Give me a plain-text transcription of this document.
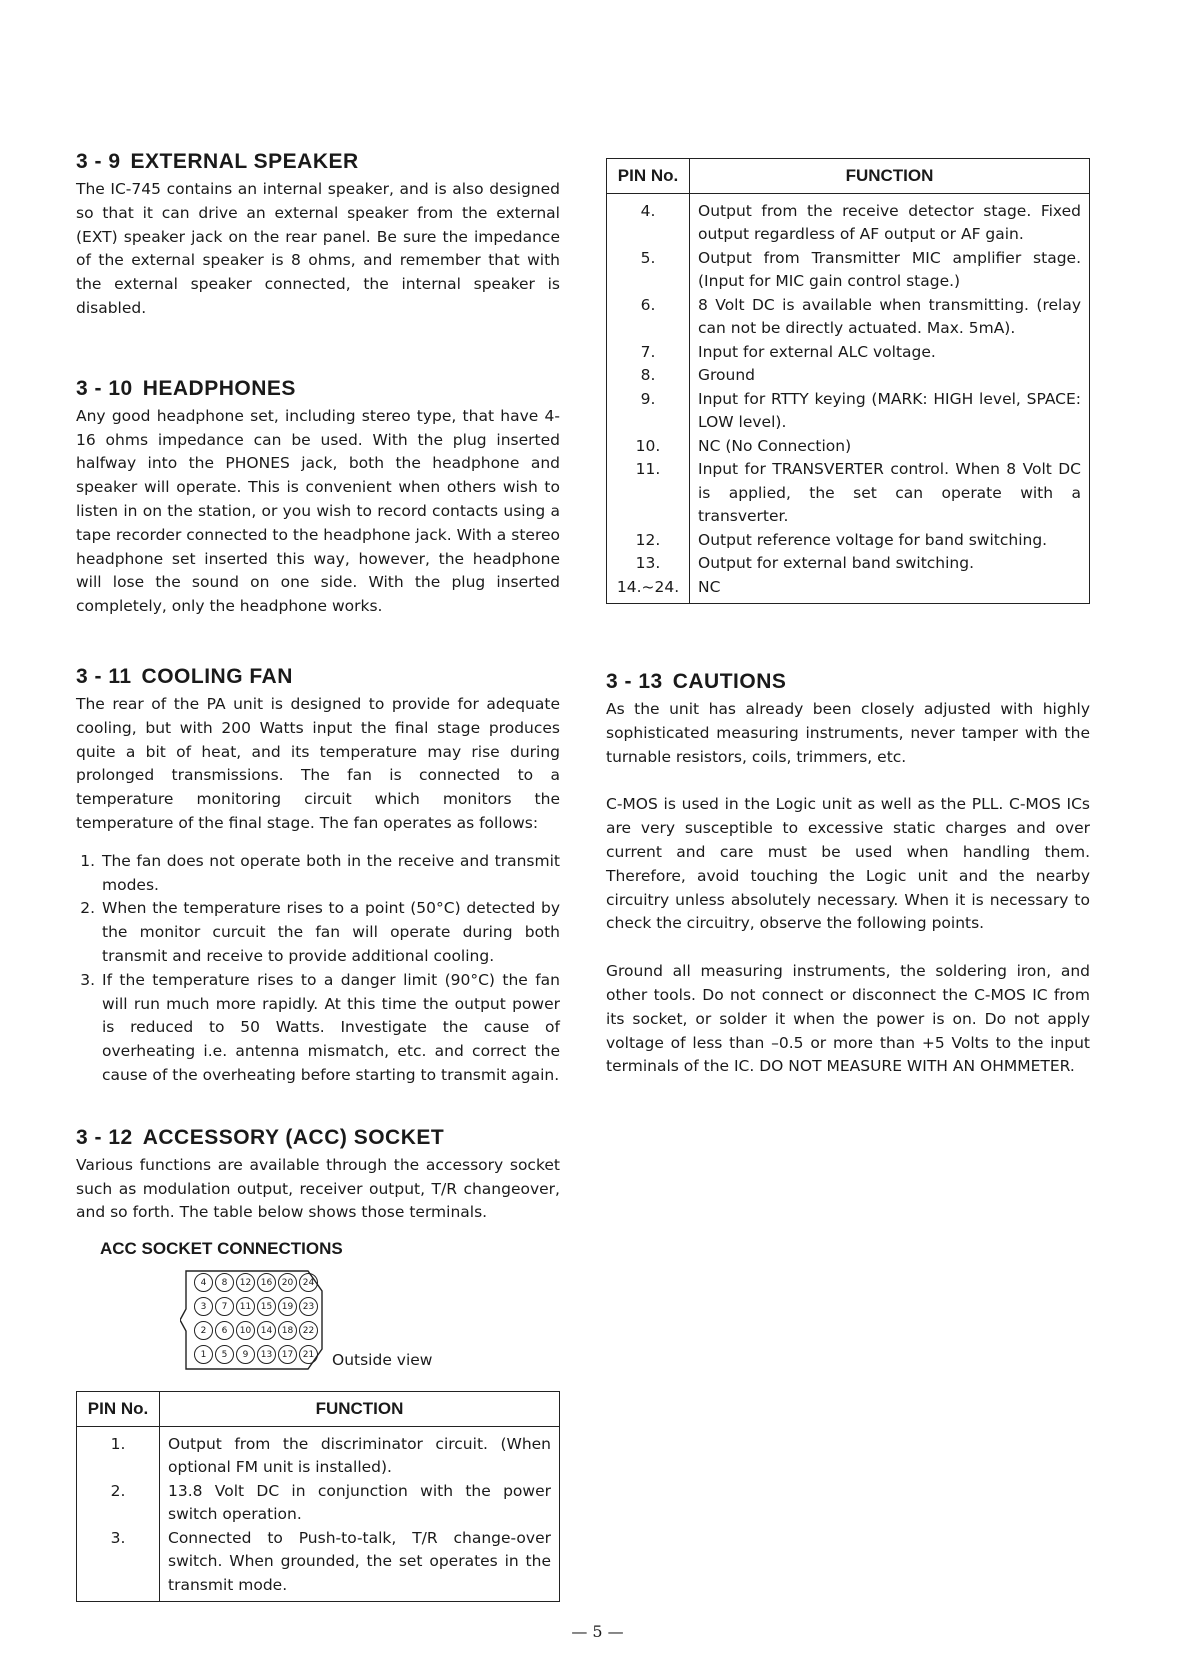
3 - 9 EXTERNAL SPEAKER

The IC-745 contains an internal speaker, and is also designed so that it can drive an external speaker from the external (EXT) speaker jack on the rear panel. Be sure the impedance of the external speaker is 8 ohms, and remember that with the external speaker connected, the internal speaker is disabled.

3 - 10 HEADPHONES

Any good headphone set, including stereo type, that have 4-16 ohms impedance can be used. With the plug inserted halfway into the PHONES jack, both the headphone and speaker will operate. This is convenient when others wish to listen in on the station, or you wish to record contacts using a tape recorder connected to the headphone jack. With a stereo headphone set inserted this way, however, the headphone will lose the sound on one side. With the plug inserted completely, only the headphone works.

3 - 11 COOLING FAN

The rear of the PA unit is designed to provide for adequate cooling, but with 200 Watts input the final stage produces quite a bit of heat, and its temperature may rise during prolonged transmissions. The fan is connected to a temperature monitoring circuit which monitors the temperature of the final stage. The fan operates as follows:

1. The fan does not operate both in the receive and transmit modes.
2. When the temperature rises to a point (50°C) detected by the monitor curcuit the fan will operate during both transmit and receive to provide additional cooling.
3. If the temperature rises to a danger limit (90°C) the fan will run much more rapidly. At this time the output power is reduced to 50 Watts. Investigate the cause of overheating i.e. antenna mismatch, etc. and correct the cause of the overheating before starting to transmit again.
3 - 12 ACCESSORY (ACC) SOCKET

Various functions are available through the accessory socket such as modulation output, receiver output, T/R changeover, and so forth. The table below shows those terminals.

ACC SOCKET CONNECTIONS
4	8	12	16	20	24
3	7	11	15	19	23
2	6	10	14	18	22
1	5	9	13	17	21 Outside view
PIN No.	FUNCTION
1.	Output from the discriminator circuit. (When optional FM unit is installed).
2.	13.8 Volt DC in conjunction with the power switch operation.
3.	Connected to Push-to-talk, T/R change-over switch. When grounded, the set operates in the transmit mode.
PIN No.	FUNCTION
4.	Output from the receive detector stage. Fixed output regardless of AF output or AF gain.
5.	Output from Transmitter MIC amplifier stage. (Input for MIC gain control stage.)
6.	8 Volt DC is available when transmitting. (relay can not be directly actuated. Max. 5mA).
7.	Input for external ALC voltage.
8.	Ground
9.	Input for RTTY keying (MARK: HIGH level, SPACE: LOW level).
10.	NC (No Connection)
11.	Input for TRANSVERTER control. When 8 Volt DC is applied, the set can operate with a transverter.
12.	Output reference voltage for band switching.
13.	Output for external band switching.
14.~24.	NC
3 - 13 CAUTIONS

As the unit has already been closely adjusted with highly sophisticated measuring instruments, never tamper with the turnable resistors, coils, trimmers, etc.

C-MOS is used in the Logic unit as well as the PLL. C-MOS ICs are very susceptible to excessive static charges and over current and care must be used when handling them. Therefore, avoid touching the Logic unit and the nearby circuitry unless absolutely necessary. When it is necessary to check the circuitry, observe the following points.

Ground all measuring instruments, the soldering iron, and other tools. Do not connect or disconnect the C-MOS IC from its socket, or solder it when the power is on. Do not apply voltage of less than –0.5 or more than +5 Volts to the input terminals of the IC. DO NOT MEASURE WITH AN OHMMETER.

— 5 —
